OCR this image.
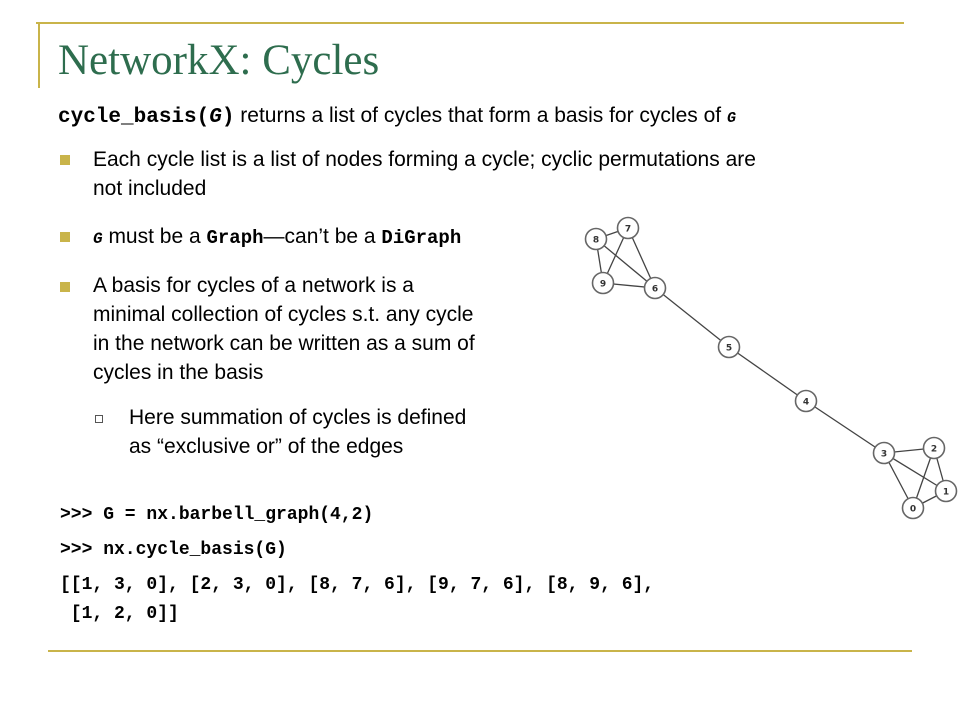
NetworkX: Cycles
cycle_basis(G) returns a list of cycles that form a basis for cycles of G
Each cycle list is a list of nodes forming a cycle; cyclic permutations are
not included
G must be a Graph—can’t be a DiGraph
A basis for cycles of a network is a
minimal collection of cycles s.t. any cycle
in the network can be written as a sum of
cycles in the basis
Here summation of cycles is defined
as “exclusive or” of the edges
>>> G = nx.barbell_graph(4,2)
>>> nx.cycle_basis(G)
[[1, 3, 0], [2, 3, 0], [8, 7, 6], [9, 7, 6], [8, 9, 6],
[1, 2, 0]]
7
8
9	6
5
4
3	2
1
0
